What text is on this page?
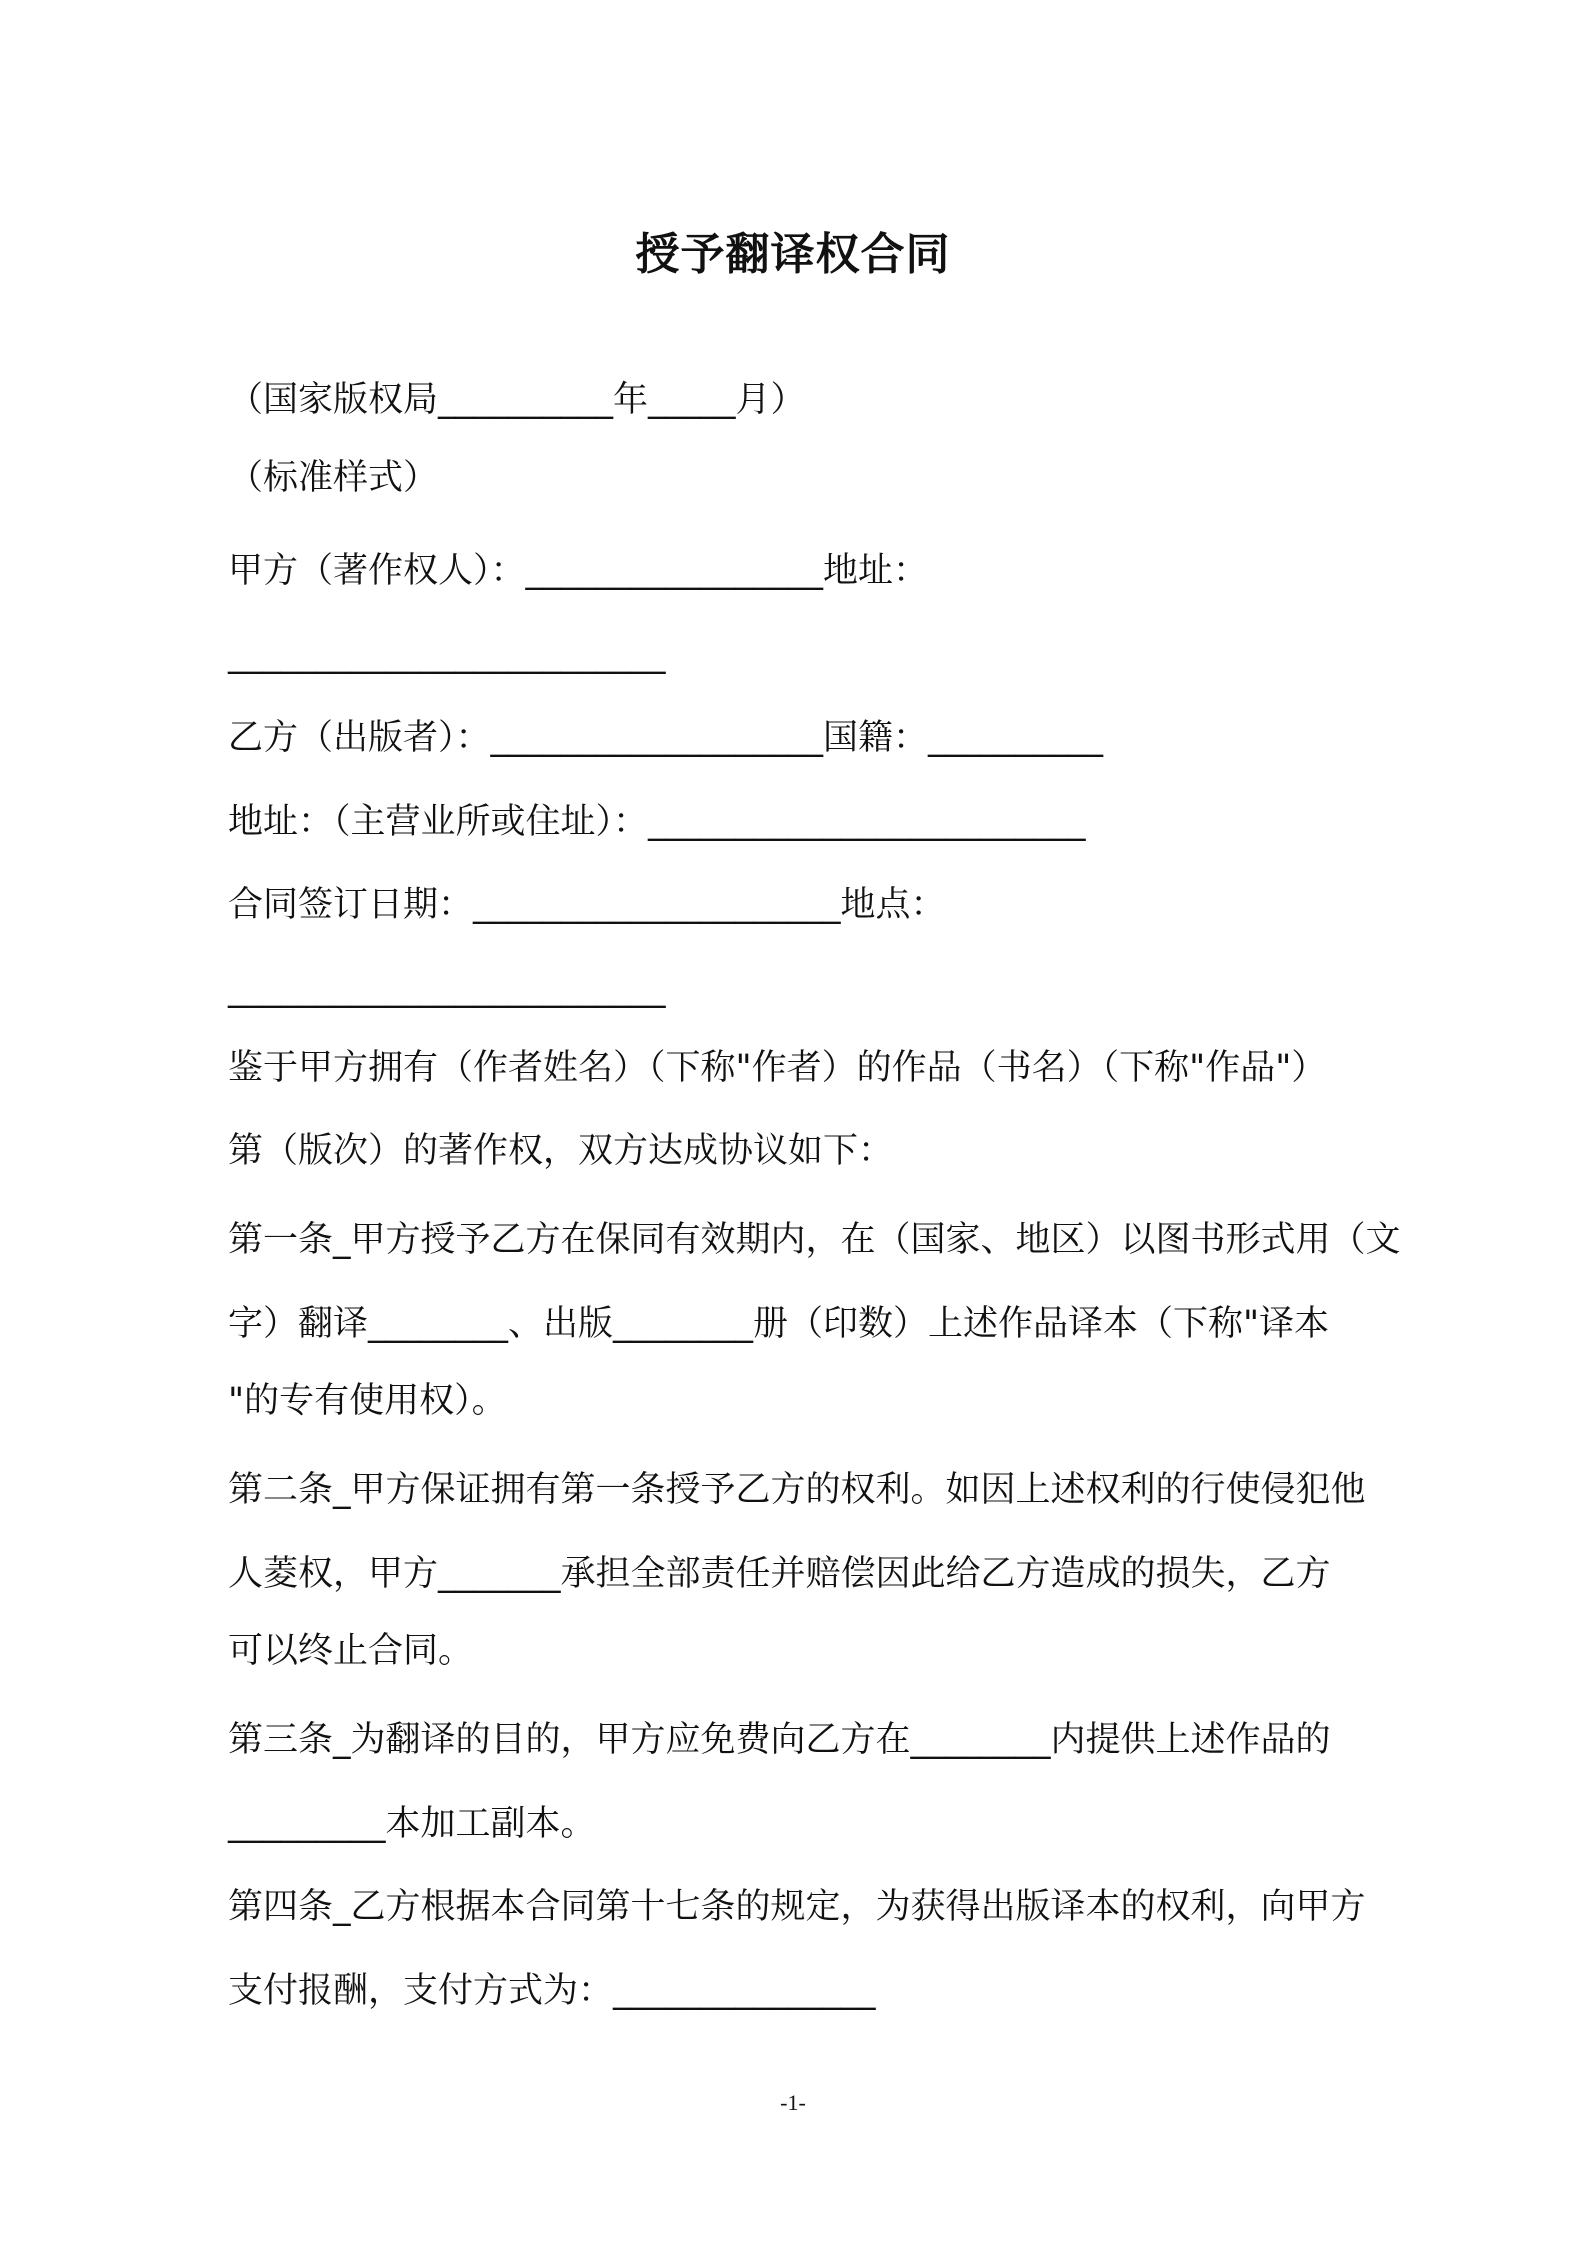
授予翻译权合同
（国家版权局__________年_____月）
（标准样式）
甲方（著作权人）：_________________地址：
_________________________
乙方（出版者）：___________________国籍：__________
地址：（主营业所或住址）：_________________________
合同签订日期：_____________________地点：
_________________________
鉴于甲方拥有（作者姓名）（下称"作者）的作品（书名）（下称"作品"）
第（版次）的著作权，双方达成协议如下：
第一条_甲方授予乙方在保同有效期内，在（国家、地区）以图书形式用（文
字）翻译________、出版________册（印数）上述作品译本（下称"译本
"的专有使用权）。
第二条_甲方保证拥有第一条授予乙方的权利。如因上述权利的行使侵犯他
人菱权，甲方_______承担全部责任并赔偿因此给乙方造成的损失，乙方
可以终止合同。
第三条_为翻译的目的，甲方应免费向乙方在________内提供上述作品的
_________本加工副本。
第四条_乙方根据本合同第十七条的规定，为获得出版译本的权利，向甲方
支付报酬，支付方式为：_______________
-1-
